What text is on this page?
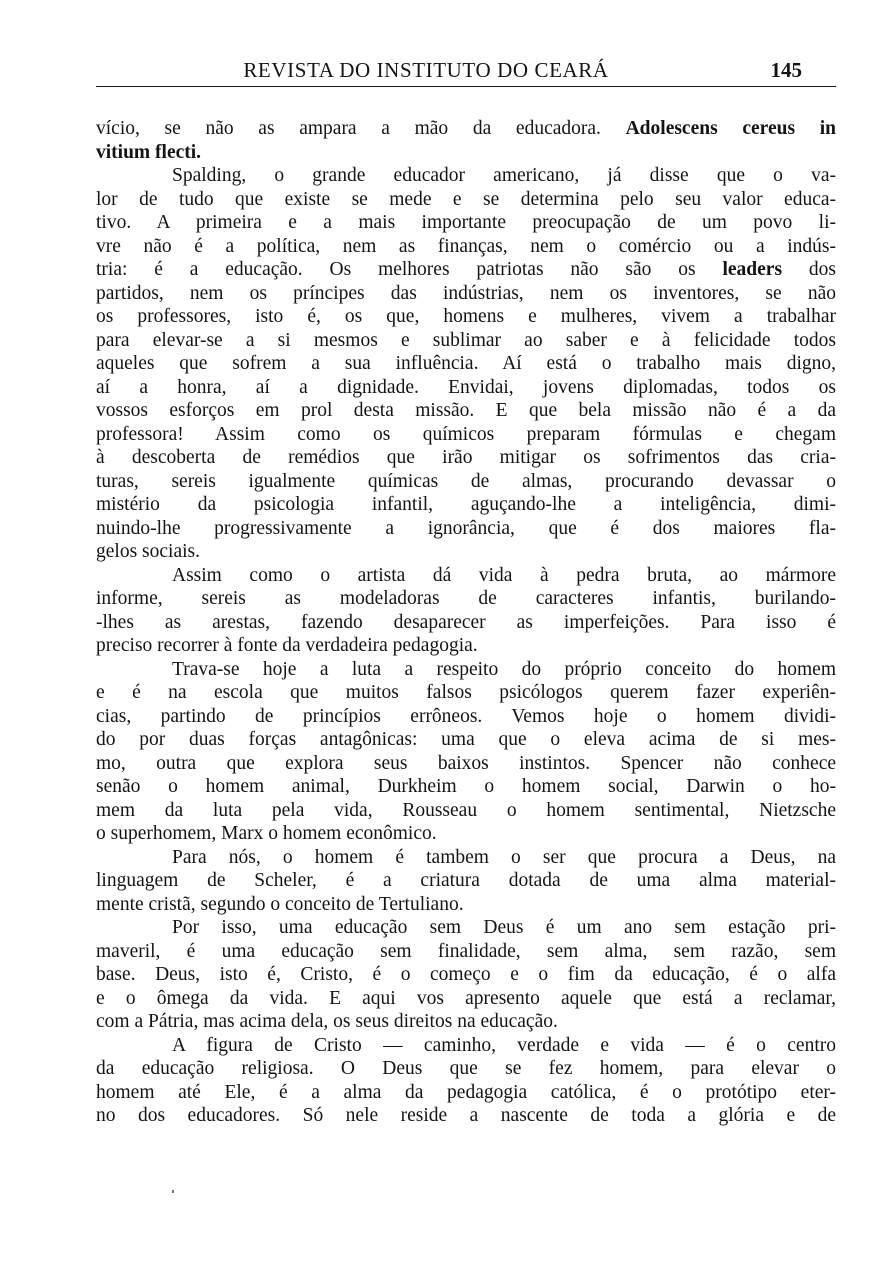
REVISTA DO INSTITUTO DO CEARÁ	145
vício, se não as ampara a mão da educadora. Adolescens cereus in
vitium flecti.
Spalding, o grande educador americano, já disse que o va-
lor de tudo que existe se mede e se determina pelo seu valor educa-
tivo. A primeira e a mais importante preocupação de um povo li-
vre não é a política, nem as finanças, nem o comércio ou a indús-
tria: é a educação. Os melhores patriotas não são os leaders dos
partidos, nem os príncipes das indústrias, nem os inventores, se não
os professores, isto é, os que, homens e mulheres, vivem a trabalhar
para elevar-se a si mesmos e sublimar ao saber e à felicidade todos
aqueles que sofrem a sua influência. Aí está o trabalho mais digno,
aí a honra, aí a dignidade. Envidai, jovens diplomadas, todos os
vossos esforços em prol desta missão. E que bela missão não é a da
professora! Assim como os químicos preparam fórmulas e chegam
à descoberta de remédios que irão mitigar os sofrimentos das cria-
turas, sereis igualmente químicas de almas, procurando devassar o
mistério da psicologia infantil, aguçando-lhe a inteligência, dimi-
nuindo-lhe progressivamente a ignorância, que é dos maiores fla-
gelos sociais.
Assim como o artista dá vida à pedra bruta, ao mármore
informe, sereis as modeladoras de caracteres infantis, burilando-
-lhes as arestas, fazendo desaparecer as imperfeições. Para isso é
preciso recorrer à fonte da verdadeira pedagogia.
Trava-se hoje a luta a respeito do próprio conceito do homem
e é na escola que muitos falsos psicólogos querem fazer experiên-
cias, partindo de princípios errôneos. Vemos hoje o homem dividi-
do por duas forças antagônicas: uma que o eleva acima de si mes-
mo, outra que explora seus baixos instintos. Spencer não conhece
senão o homem animal, Durkheim o homem social, Darwin o ho-
mem da luta pela vida, Rousseau o homem sentimental, Nietzsche
o superhomem, Marx o homem econômico.
Para nós, o homem é tambem o ser que procura a Deus, na
linguagem de Scheler, é a criatura dotada de uma alma material-
mente cristã, segundo o conceito de Tertuliano.
Por isso, uma educação sem Deus é um ano sem estação pri-
maveril, é uma educação sem finalidade, sem alma, sem razão, sem
base. Deus, isto é, Cristo, é o começo e o fim da educação, é o alfa
e o ômega da vida. E aqui vos apresento aquele que está a reclamar,
com a Pátria, mas acima dela, os seus direitos na educação.
A figura de Cristo — caminho, verdade e vida — é o centro
da educação religiosa. O Deus que se fez homem, para elevar o
homem até Ele, é a alma da pedagogia católica, é o protótipo eter-
no dos educadores. Só nele reside a nascente de toda a glória e de
